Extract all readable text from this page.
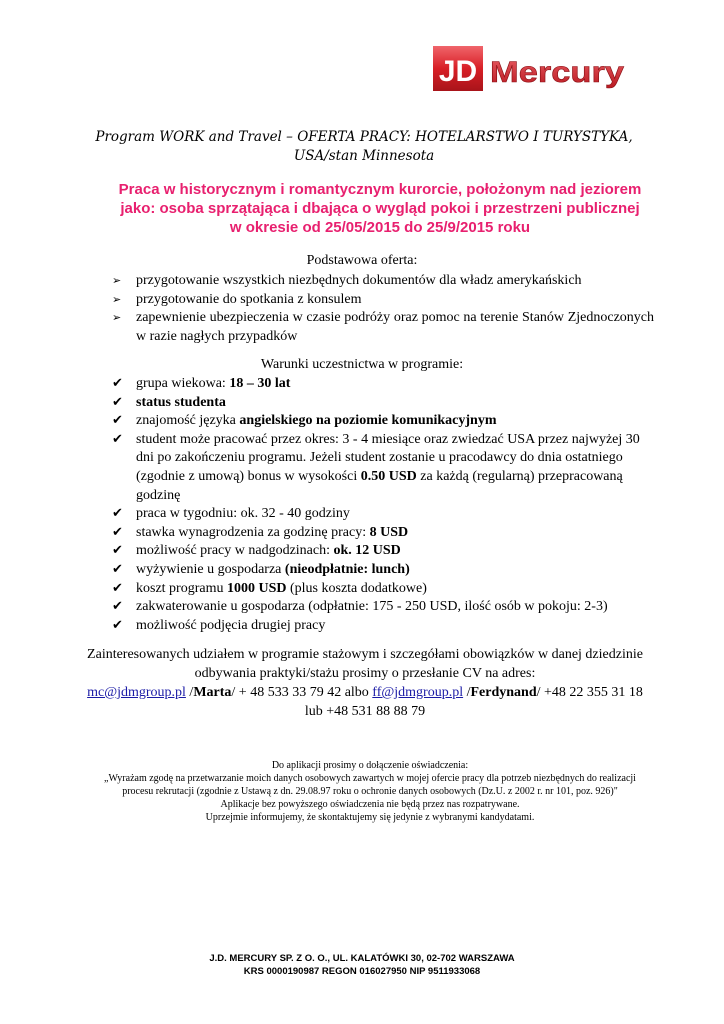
JD Mercury
Program WORK and Travel – OFERTA PRACY: HOTELARSTWO I TURYSTYKA,
USA/stan Minnesota
Praca w historycznym i romantycznym kurorcie, położonym nad jeziorem
jako: osoba sprzątająca i dbająca o wygląd pokoi i przestrzeni publicznej
w okresie od 25/05/2015 do 25/9/2015 roku
Podstawowa oferta:
➢	przygotowanie wszystkich niezbędnych dokumentów dla władz amerykańskich
➢	przygotowanie do spotkania z konsulem
➢	zapewnienie ubezpieczenia w czasie podróży oraz pomoc na terenie Stanów Zjednoczonych w razie nagłych przypadków
Warunki uczestnictwa w programie:
✔ grupa wiekowa: 18 – 30 lat
✔ status studenta
✔ znajomość języka angielskiego na poziomie komunikacyjnym
✔ student może pracować przez okres: 3 - 4 miesiące oraz zwiedzać USA przez najwyżej 30 dni po zakończeniu programu. Jeżeli student zostanie u pracodawcy do dnia ostatniego (zgodnie z umową) bonus w wysokości 0.50 USD za każdą (regularną) przepracowaną godzinę
✔ praca w tygodniu: ok. 32 - 40 godziny
✔ stawka wynagrodzenia za godzinę pracy: 8 USD
✔ możliwość pracy w nadgodzinach: ok. 12 USD
✔ wyżywienie u gospodarza (nieodpłatnie: lunch)
✔ koszt programu 1000 USD (plus koszta dodatkowe)
✔ zakwaterowanie u gospodarza (odpłatnie: 175 - 250 USD, ilość osób w pokoju: 2-3)
✔ możliwość podjęcia drugiej pracy
Zainteresowanych udziałem w programie stażowym i szczegółami obowiązków w danej dziedzinie
odbywania praktyki/stażu prosimy o przesłanie CV na adres:
mc@jdmgroup.pl /Marta/ + 48 533 33 79 42 albo ff@jdmgroup.pl /Ferdynand/ +48 22 355 31 18
lub +48 531 88 88 79
Do aplikacji prosimy o dołączenie oświadczenia:
„Wyrażam zgodę na przetwarzanie moich danych osobowych zawartych w mojej ofercie pracy dla potrzeb niezbędnych do realizacji procesu rekrutacji (zgodnie z Ustawą z dn. 29.08.97 roku o ochronie danych osobowych (Dz.U. z 2002 r. nr 101, poz. 926)"
Aplikacje bez powyższego oświadczenia nie będą przez nas rozpatrywane.
Uprzejmie informujemy, że skontaktujemy się jedynie z wybranymi kandydatami.
J.D. MERCURY SP. Z O. O., UL. KALATÓWKI 30, 02-702 WARSZAWA
KRS 0000190987 REGON 016027950 NIP 9511933068
